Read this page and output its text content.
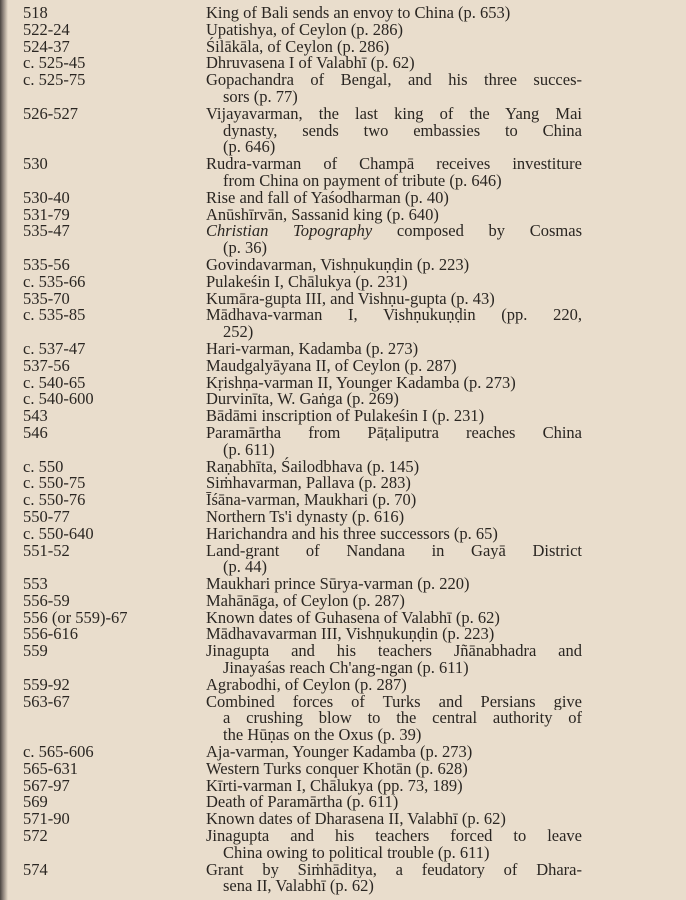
518	King of Bali sends an envoy to China (p. 653)
522-24	Upatishya, of Ceylon (p. 286)
524-37	Śilākāla, of Ceylon (p. 286)
c. 525-45	Dhruvasena I of Valabhī (p. 62)
c. 525-75	Gopachandra of Bengal, and his three succes-
sors (p. 77)
526-527	Vijayavarman, the last king of the Yang Mai
dynasty, sends two embassies to China
(p. 646)
530	Rudra-varman of Champā receives investiture
from China on payment of tribute (p. 646)
530-40	Rise and fall of Yaśodharman (p. 40)
531-79	Anūshīrvān, Sassanid king (p. 640)
535-47	Christian Topography composed by Cosmas
(p. 36)
535-56	Govindavarman, Vishṇukuṇḍin (p. 223)
c. 535-66	Pulakeśin I, Chālukya (p. 231)
535-70	Kumāra-gupta III, and Vishṇu-gupta (p. 43)
c. 535-85	Mādhava-varman I, Vishṇukuṇḍin (pp. 220,
252)
c. 537-47	Hari-varman, Kadamba (p. 273)
537-56	Maudgalyāyana II, of Ceylon (p. 287)
c. 540-65	Kṛishṇa-varman II, Younger Kadamba (p. 273)
c. 540-600	Durvinīta, W. Gaṅga (p. 269)
543	Bādāmi inscription of Pulakeśin I (p. 231)
546	Paramārtha from Pāṭaliputra reaches China
(p. 611)
c. 550	Raṇabhīta, Śailodbhava (p. 145)
c. 550-75	Siṁhavarman, Pallava (p. 283)
c. 550-76	Īśāna-varman, Maukhari (p. 70)
550-77	Northern Ts'i dynasty (p. 616)
c. 550-640	Harichandra and his three successors (p. 65)
551-52	Land-grant of Nandana in Gayā District
(p. 44)
553	Maukhari prince Sūrya-varman (p. 220)
556-59	Mahānāga, of Ceylon (p. 287)
556 (or 559)-67	Known dates of Guhasena of Valabhī (p. 62)
556-616	Mādhavavarman III, Vishṇukuṇḍin (p. 223)
559	Jinagupta and his teachers Jñānabhadra and
Jinayaśas reach Ch'ang-ngan (p. 611)
559-92	Agrabodhi, of Ceylon (p. 287)
563-67	Combined forces of Turks and Persians give
a crushing blow to the central authority of
the Hūṇas on the Oxus (p. 39)
c. 565-606	Aja-varman, Younger Kadamba (p. 273)
565-631	Western Turks conquer Khotān (p. 628)
567-97	Kīrti-varman I, Chālukya (pp. 73, 189)
569	Death of Paramārtha (p. 611)
571-90	Known dates of Dharasena II, Valabhī (p. 62)
572	Jinagupta and his teachers forced to leave
China owing to political trouble (p. 611)
574	Grant by Siṁhāditya, a feudatory of Dhara-
sena II, Valabhī (p. 62)
